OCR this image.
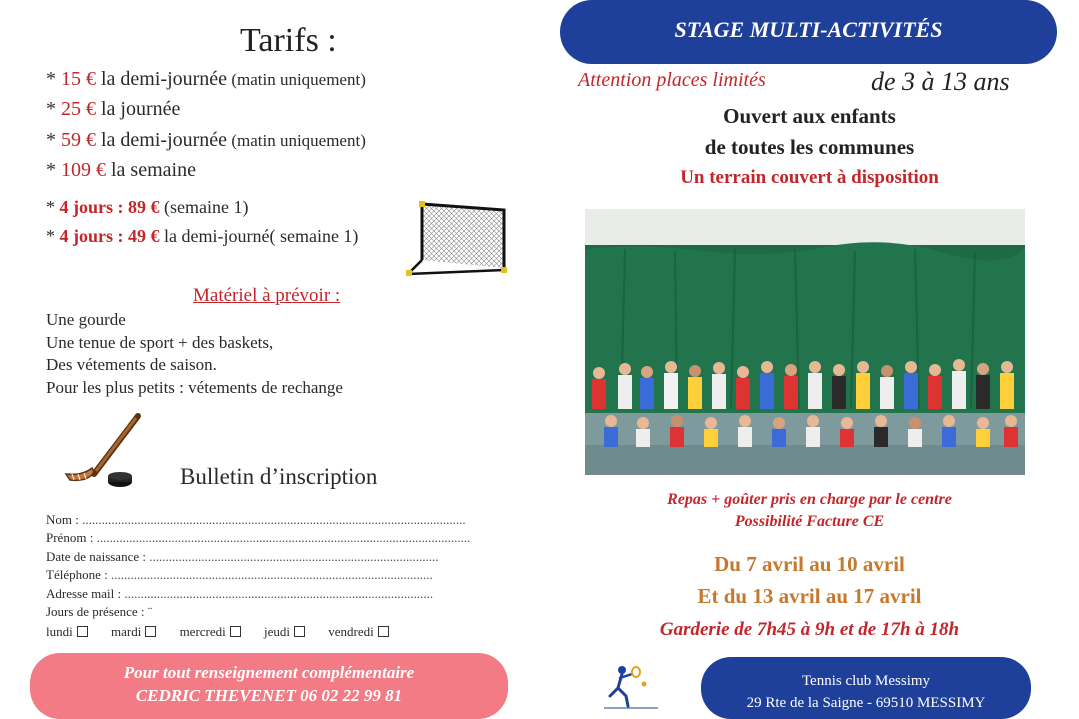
Tarifs :
* 15 € la demi-journée (matin uniquement)
* 25 € la journée
* 59 € la demi-journée (matin uniquement)
* 109 € la semaine
* 4 jours : 89 € (semaine 1)
* 4 jours : 49 € la demi-journé( semaine 1)
Matériel à prévoir :
Une gourde
Une tenue de sport + des baskets,
Des vétements de saison.
Pour les plus petits : vétements de rechange
Bulletin d’inscription
Nom : ......................................................................................................................
Prénom : ...................................................................................................................
Date de naissance : .........................................................................................
Téléphone : ...................................................................................................
Adresse mail : ...............................................................................................
Jours de présence : ¨
lundi	mardi	mercredi	jeudi	vendredi
Pour tout renseignement complémentaire
CEDRIC THEVENET 06 02 22 99 81
STAGE MULTI-ACTIVITÉS
Attention places limités	de 3 à 13 ans
Ouvert aux enfants
de toutes les communes
Un terrain couvert à disposition
Repas + goûter pris en charge par le centre
Possibilité Facture CE
Du 7 avril au 10 avril
Et du 13 avril au 17 avril
Garderie de 7h45 à 9h et de 17h à 18h
Tennis club Messimy
29 Rte de la Saigne - 69510 MESSIMY
